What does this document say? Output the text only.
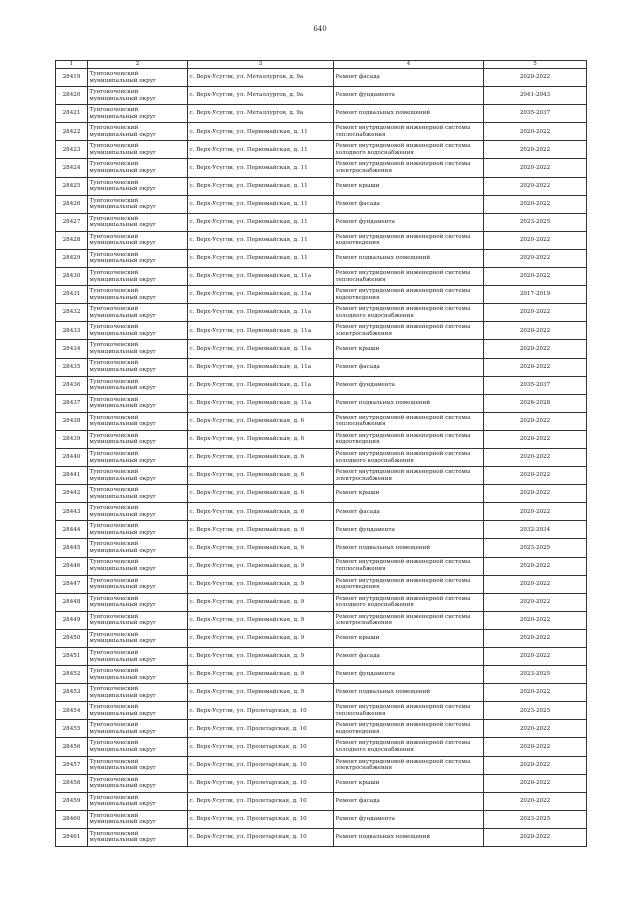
640
1	2	3	4	5
28419	Тунгокоченский муниципальный округ	с. Верх-Усугли, ул. Металлургов, д. 9а	Ремонт фасада	2020-2022
28420	Тунгокоченский муниципальный округ	с. Верх-Усугли, ул. Металлургов, д. 9а	Ремонт фундамента	2041-2043
28421	Тунгокоченский муниципальный округ	с. Верх-Усугли, ул. Металлургов, д. 9а	Ремонт подвальных помещений	2035-2037
28422	Тунгокоченский муниципальный округ	с. Верх-Усугли, ул. Первомайская, д. 11	Ремонт внутридомовой инженерной системы теплоснабжения	2020-2022
28423	Тунгокоченский муниципальный округ	с. Верх-Усугли, ул. Первомайская, д. 11	Ремонт внутридомовой инженерной системы холодного водоснабжения	2020-2022
28424	Тунгокоченский муниципальный округ	с. Верх-Усугли, ул. Первомайская, д. 11	Ремонт внутридомовой инженерной системы электроснабжения	2020-2022
28425	Тунгокоченский муниципальный округ	с. Верх-Усугли, ул. Первомайская, д. 11	Ремонт крыши	2020-2022
28426	Тунгокоченский муниципальный округ	с. Верх-Усугли, ул. Первомайская, д. 11	Ремонт фасада	2020-2022
28427	Тунгокоченский муниципальный округ	с. Верх-Усугли, ул. Первомайская, д. 11	Ремонт фундамента	2023-2025
28428	Тунгокоченский муниципальный округ	с. Верх-Усугли, ул. Первомайская, д. 11	Ремонт внутридомовой инженерной системы водоотведения	2020-2022
28429	Тунгокоченский муниципальный округ	с. Верх-Усугли, ул. Первомайская, д. 11	Ремонт подвальных помещений	2020-2022
28430	Тунгокоченский муниципальный округ	с. Верх-Усугли, ул. Первомайская, д. 11а	Ремонт внутридомовой инженерной системы теплоснабжения	2020-2022
28431	Тунгокоченский муниципальный округ	с. Верх-Усугли, ул. Первомайская, д. 11а	Ремонт внутридомовой инженерной системы водоотведения	2017-2019
28432	Тунгокоченский муниципальный округ	с. Верх-Усугли, ул. Первомайская, д. 11а	Ремонт внутридомовой инженерной системы холодного водоснабжения	2020-2022
28433	Тунгокоченский муниципальный округ	с. Верх-Усугли, ул. Первомайская, д. 11а	Ремонт внутридомовой инженерной системы электроснабжения	2020-2022
28434	Тунгокоченский муниципальный округ	с. Верх-Усугли, ул. Первомайская, д. 11а	Ремонт крыши	2020-2022
28435	Тунгокоченский муниципальный округ	с. Верх-Усугли, ул. Первомайская, д. 11а	Ремонт фасада	2020-2022
28436	Тунгокоченский муниципальный округ	с. Верх-Усугли, ул. Первомайская, д. 11а	Ремонт фундамента	2035-2037
28437	Тунгокоченский муниципальный округ	с. Верх-Усугли, ул. Первомайская, д. 11а	Ремонт подвальных помещений	2026-2028
28438	Тунгокоченский муниципальный округ	с. Верх-Усугли, ул. Первомайская, д. 6	Ремонт внутридомовой инженерной системы теплоснабжения	2020-2022
28439	Тунгокоченский муниципальный округ	с. Верх-Усугли, ул. Первомайская, д. 6	Ремонт внутридомовой инженерной системы водоотведения	2020-2022
28440	Тунгокоченский муниципальный округ	с. Верх-Усугли, ул. Первомайская, д. 6	Ремонт внутридомовой инженерной системы холодного водоснабжения	2020-2022
28441	Тунгокоченский муниципальный округ	с. Верх-Усугли, ул. Первомайская, д. 6	Ремонт внутридомовой инженерной системы электроснабжения	2020-2022
28442	Тунгокоченский муниципальный округ	с. Верх-Усугли, ул. Первомайская, д. 6	Ремонт крыши	2020-2022
28443	Тунгокоченский муниципальный округ	с. Верх-Усугли, ул. Первомайская, д. 6	Ремонт фасада	2020-2022
28444	Тунгокоченский муниципальный округ	с. Верх-Усугли, ул. Первомайская, д. 6	Ремонт фундамента	2032-2034
28445	Тунгокоченский муниципальный округ	с. Верх-Усугли, ул. Первомайская, д. 6	Ремонт подвальных помещений	2023-2025
28446	Тунгокоченский муниципальный округ	с. Верх-Усугли, ул. Первомайская, д. 9	Ремонт внутридомовой инженерной системы теплоснабжения	2020-2022
28447	Тунгокоченский муниципальный округ	с. Верх-Усугли, ул. Первомайская, д. 9	Ремонт внутридомовой инженерной системы водоотведения	2020-2022
28448	Тунгокоченский муниципальный округ	с. Верх-Усугли, ул. Первомайская, д. 9	Ремонт внутридомовой инженерной системы холодного водоснабжения	2020-2022
28449	Тунгокоченский муниципальный округ	с. Верх-Усугли, ул. Первомайская, д. 9	Ремонт внутридомовой инженерной системы электроснабжения	2020-2022
28450	Тунгокоченский муниципальный округ	с. Верх-Усугли, ул. Первомайская, д. 9	Ремонт крыши	2020-2022
28451	Тунгокоченский муниципальный округ	с. Верх-Усугли, ул. Первомайская, д. 9	Ремонт фасада	2020-2022
28452	Тунгокоченский муниципальный округ	с. Верх-Усугли, ул. Первомайская, д. 9	Ремонт фундамента	2023-2025
28453	Тунгокоченский муниципальный округ	с. Верх-Усугли, ул. Первомайская, д. 9	Ремонт подвальных помещений	2020-2022
28454	Тунгокоченский муниципальный округ	с. Верх-Усугли, ул. Пролетарская, д. 10	Ремонт внутридомовой инженерной системы теплоснабжения	2023-2025
28455	Тунгокоченский муниципальный округ	с. Верх-Усугли, ул. Пролетарская, д. 10	Ремонт внутридомовой инженерной системы водоотведения	2020-2022
28456	Тунгокоченский муниципальный округ	с. Верх-Усугли, ул. Пролетарская, д. 10	Ремонт внутридомовой инженерной системы холодного водоснабжения	2020-2022
28457	Тунгокоченский муниципальный округ	с. Верх-Усугли, ул. Пролетарская, д. 10	Ремонт внутридомовой инженерной системы электроснабжения	2020-2022
28458	Тунгокоченский муниципальный округ	с. Верх-Усугли, ул. Пролетарская, д. 10	Ремонт крыши	2020-2022
28459	Тунгокоченский муниципальный округ	с. Верх-Усугли, ул. Пролетарская, д. 10	Ремонт фасада	2020-2022
28460	Тунгокоченский муниципальный округ	с. Верх-Усугли, ул. Пролетарская, д. 10	Ремонт фундамента	2023-2025
28461	Тунгокоченский муниципальный округ	с. Верх-Усугли, ул. Пролетарская, д. 10	Ремонт подвальных помещений	2020-2022
